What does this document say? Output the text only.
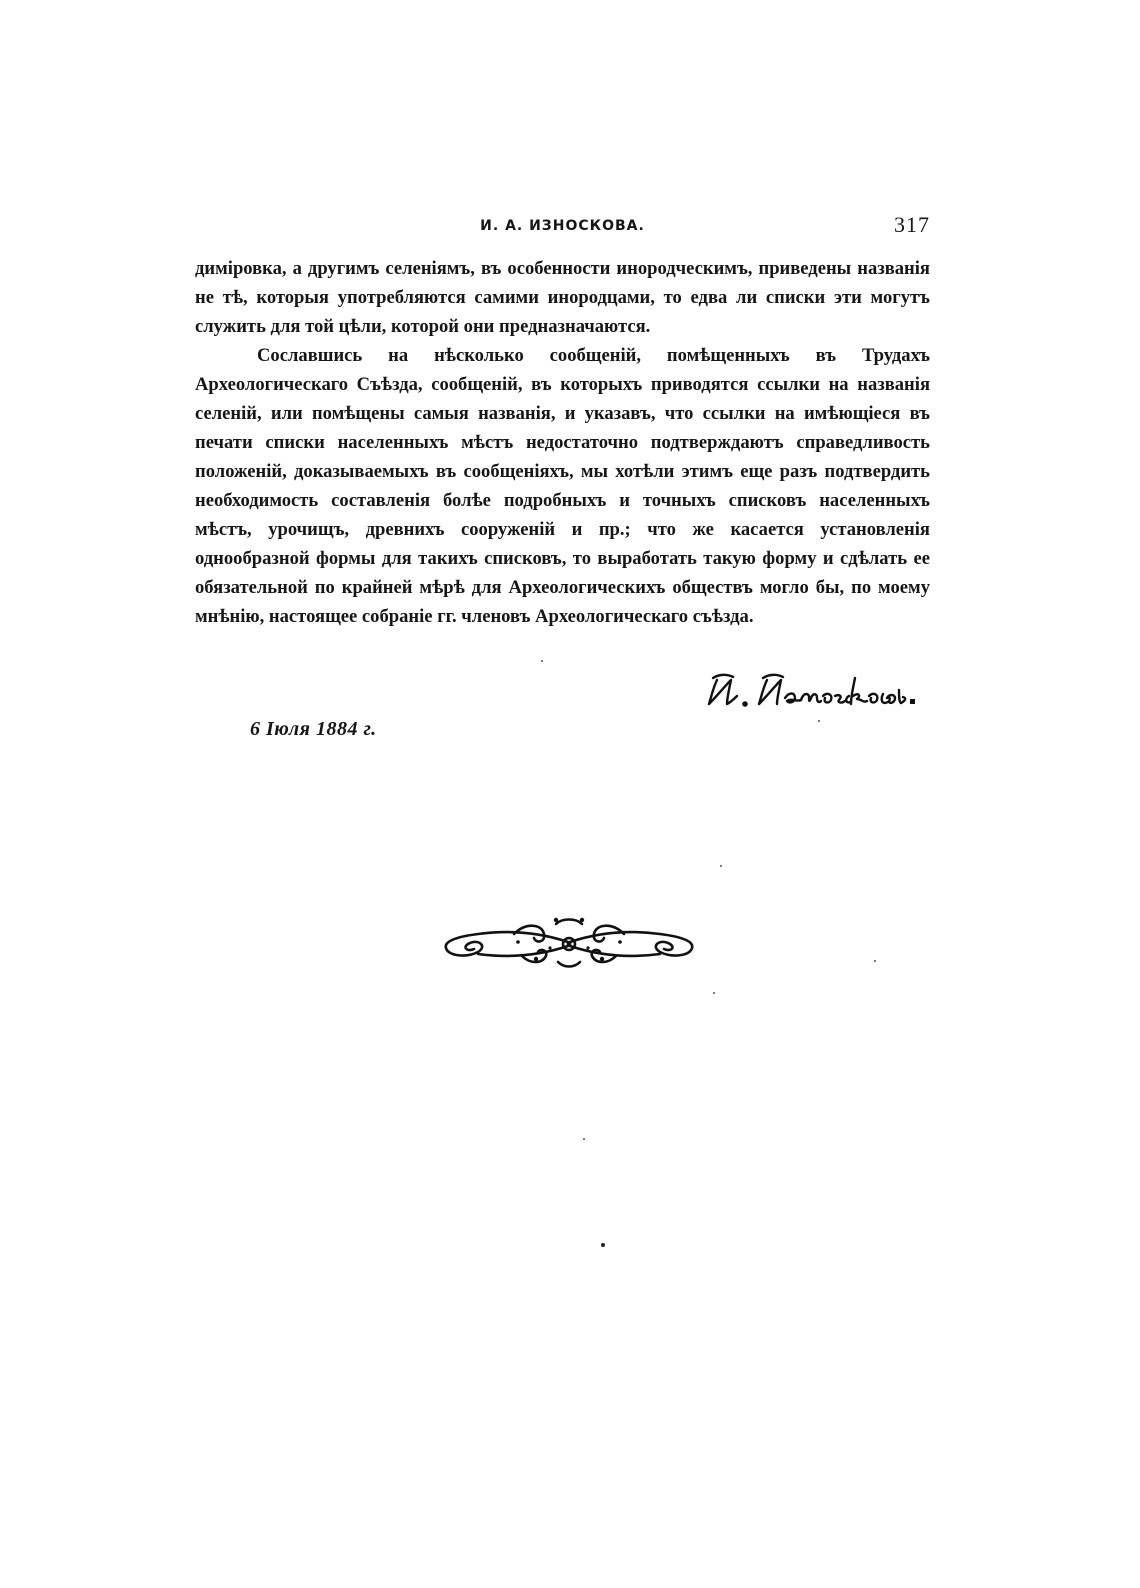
И. А. ИЗНОСКОВА.	317

димiровка, а другимъ селенiямъ, въ особенности инородческимъ, приведены названiя не тѣ, которыя употребляются самими инородцами, то едва ли списки эти могутъ служить для той цѣли, которой они предназначаются.

Сославшись на нѣсколько сообщенiй, помѣщенныхъ въ Трудахъ Археологическаго Съѣзда, сообщенiй, въ которыхъ приводятся ссылки на названiя селенiй, или помѣщены самыя названiя, и указавъ, что ссылки на имѣющiеся въ печати списки населенныхъ мѣстъ недостаточно подтверждаютъ справедливость положенiй, доказываемыхъ въ сообщенiяхъ, мы хотѣли этимъ еще разъ подтвердить необходимость составленiя болѣе подробныхъ и точныхъ списковъ населенныхъ мѣстъ, урочищъ, древнихъ сооруженiй и пр.; что же касается установленiя однообразной формы для такихъ списковъ, то выработать такую форму и сдѣлать ее обязательной по крайней мѣрѣ для Археологическихъ обществъ могло бы, по моему мнѣнiю, настоящее собранiе гг. членовъ Археологическаго съѣзда.

6 Iюля 1884 г.
